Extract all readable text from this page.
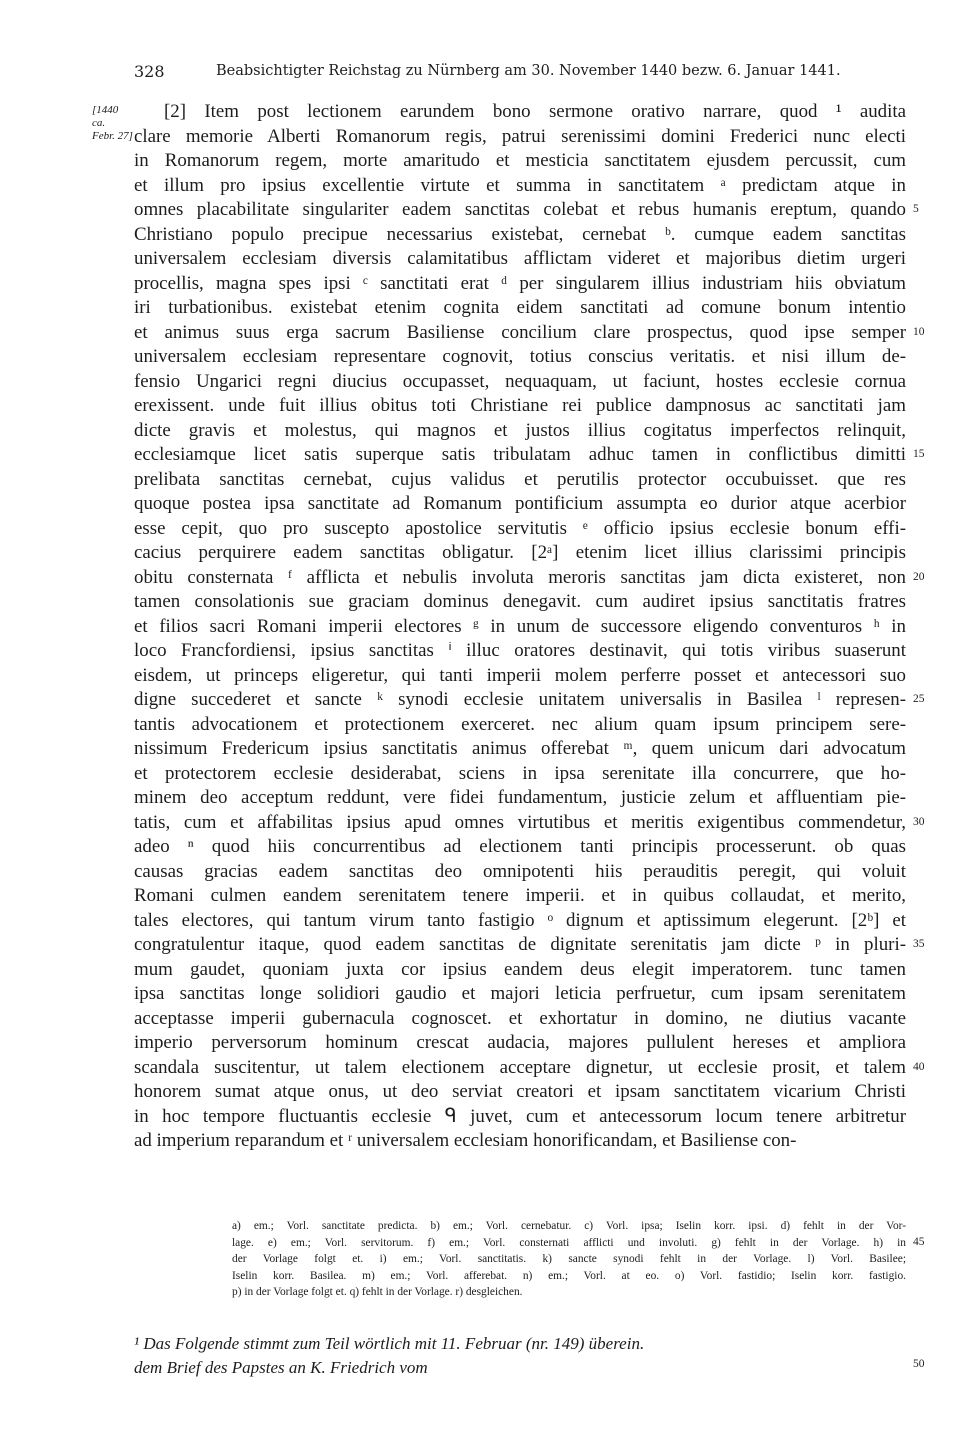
328	Beabsichtigter Reichstag zu Nürnberg am 30. November 1440 bezw. 6. Januar 1441.
[1440
ca.
Febr. 27]
[2] Item post lectionem earundem bono sermone orativo narrare, quod ¹ audita
clare memorie Alberti Romanorum regis, patrui serenissimi domini Frederici nunc electi
in Romanorum regem, morte amaritudo et mesticia sanctitatem ejusdem percussit, cum
et illum pro ipsius excellentie virtute et summa in sanctitatem ᵃ predictam atque in
omnes placabilitate singulariter eadem sanctitas colebat et rebus humanis ereptum, quando
Christiano populo precipue necessarius existebat, cernebat ᵇ. cumque eadem sanctitas
universalem ecclesiam diversis calamitatibus afflictam videret et majoribus dietim urgeri
procellis, magna spes ipsi ᶜ sanctitati erat ᵈ per singularem illius industriam hiis obviatum
iri turbationibus. existebat etenim cognita eidem sanctitati ad comune bonum intentio
et animus suus erga sacrum Basiliense concilium clare prospectus, quod ipse semper
universalem ecclesiam representare cognovit, totius conscius veritatis. et nisi illum de-
fensio Ungarici regni diucius occupasset, nequaquam, ut faciunt, hostes ecclesie cornua
erexissent. unde fuit illius obitus toti Christiane rei publice dampnosus ac sanctitati jam
dicte gravis et molestus, qui magnos et justos illius cogitatus imperfectos relinquit,
ecclesiamque licet satis superque satis tribulatam adhuc tamen in conflictibus dimitti
prelibata sanctitas cernebat, cujus validus et perutilis protector occubuisset. que res
quoque postea ipsa sanctitate ad Romanum pontificium assumpta eo durior atque acerbior
esse cepit, quo pro suscepto apostolice servitutis ᵉ officio ipsius ecclesie bonum effi-
cacius perquirere eadem sanctitas obligatur. [2ᵃ] etenim licet illius clarissimi principis
obitu consternata ᶠ afflicta et nebulis involuta meroris sanctitas jam dicta existeret, non
tamen consolationis sue graciam dominus denegavit. cum audiret ipsius sanctitatis fratres
et filios sacri Romani imperii electores ᵍ in unum de successore eligendo conventuros ʰ in
loco Francfordiensi, ipsius sanctitas ⁱ illuc oratores destinavit, qui totis viribus suaserunt
eisdem, ut princeps eligeretur, qui tanti imperii molem perferre posset et antecessori suo
digne succederet et sancte ᵏ synodi ecclesie unitatem universalis in Basilea ˡ represen-
tantis advocationem et protectionem exerceret. nec alium quam ipsum principem sere-
nissimum Fredericum ipsius sanctitatis animus offerebat ᵐ, quem unicum dari advocatum
et protectorem ecclesie desiderabat, sciens in ipsa serenitate illa concurrere, que ho-
minem deo acceptum reddunt, vere fidei fundamentum, justicie zelum et affluentiam pie-
tatis, cum et affabilitas ipsius apud omnes virtutibus et meritis exigentibus commendetur,
adeo ⁿ quod hiis concurrentibus ad electionem tanti principis processerunt. ob quas
causas gracias eadem sanctitas deo omnipotenti hiis perauditis peregit, qui voluit
Romani culmen eandem serenitatem tenere imperii. et in quibus collaudat, et merito,
tales electores, qui tantum virum tanto fastigio ᵒ dignum et aptissimum elegerunt. [2ᵇ] et
congratulentur itaque, quod eadem sanctitas de dignitate serenitatis jam dicte ᵖ in pluri-
mum gaudet, quoniam juxta cor ipsius eandem deus elegit imperatorem. tunc tamen
ipsa sanctitas longe solidiori gaudio et majori leticia perfruetur, cum ipsam serenitatem
acceptasse imperii gubernacula cognoscet. et exhortatur in domino, ne diutius vacante
imperio perversorum hominum crescat audacia, majores pullulent hereses et ampliora
scandala suscitentur, ut talem electionem acceptare dignetur, ut ecclesie prosit, et talem
honorem sumat atque onus, ut deo serviat creatori et ipsam sanctitatem vicarium Christi
in hoc tempore fluctuantis ecclesie ᑫ juvet, cum et antecessorum locum tenere arbitretur
ad imperium reparandum et ʳ universalem ecclesiam honorificandam, et Basiliense con-
5
10
15
20
25
30
35
40
a) em.; Vorl. sanctitate predicta. b) em.; Vorl. cernebatur. c) Vorl. ipsa; Iselin korr. ipsi. d) fehlt in der Vor-
lage. e) em.; Vorl. servitorum. f) em.; Vorl. consternati afflicti und involuti. g) fehlt in der Vorlage. h) in
der Vorlage folgt et. i) em.; Vorl. sanctitatis. k) sancte synodi fehlt in der Vorlage. l) Vorl. Basilee;
Iselin korr. Basilea. m) em.; Vorl. afferebat. n) em.; Vorl. at eo. o) Vorl. fastidio; Iselin korr. fastigio.
p) in der Vorlage folgt et. q) fehlt in der Vorlage. r) desgleichen.
¹ Das Folgende stimmt zum Teil wörtlich mit 11. Februar (nr. 149) überein.
dem Brief des Papstes an K. Friedrich vom	50
45
